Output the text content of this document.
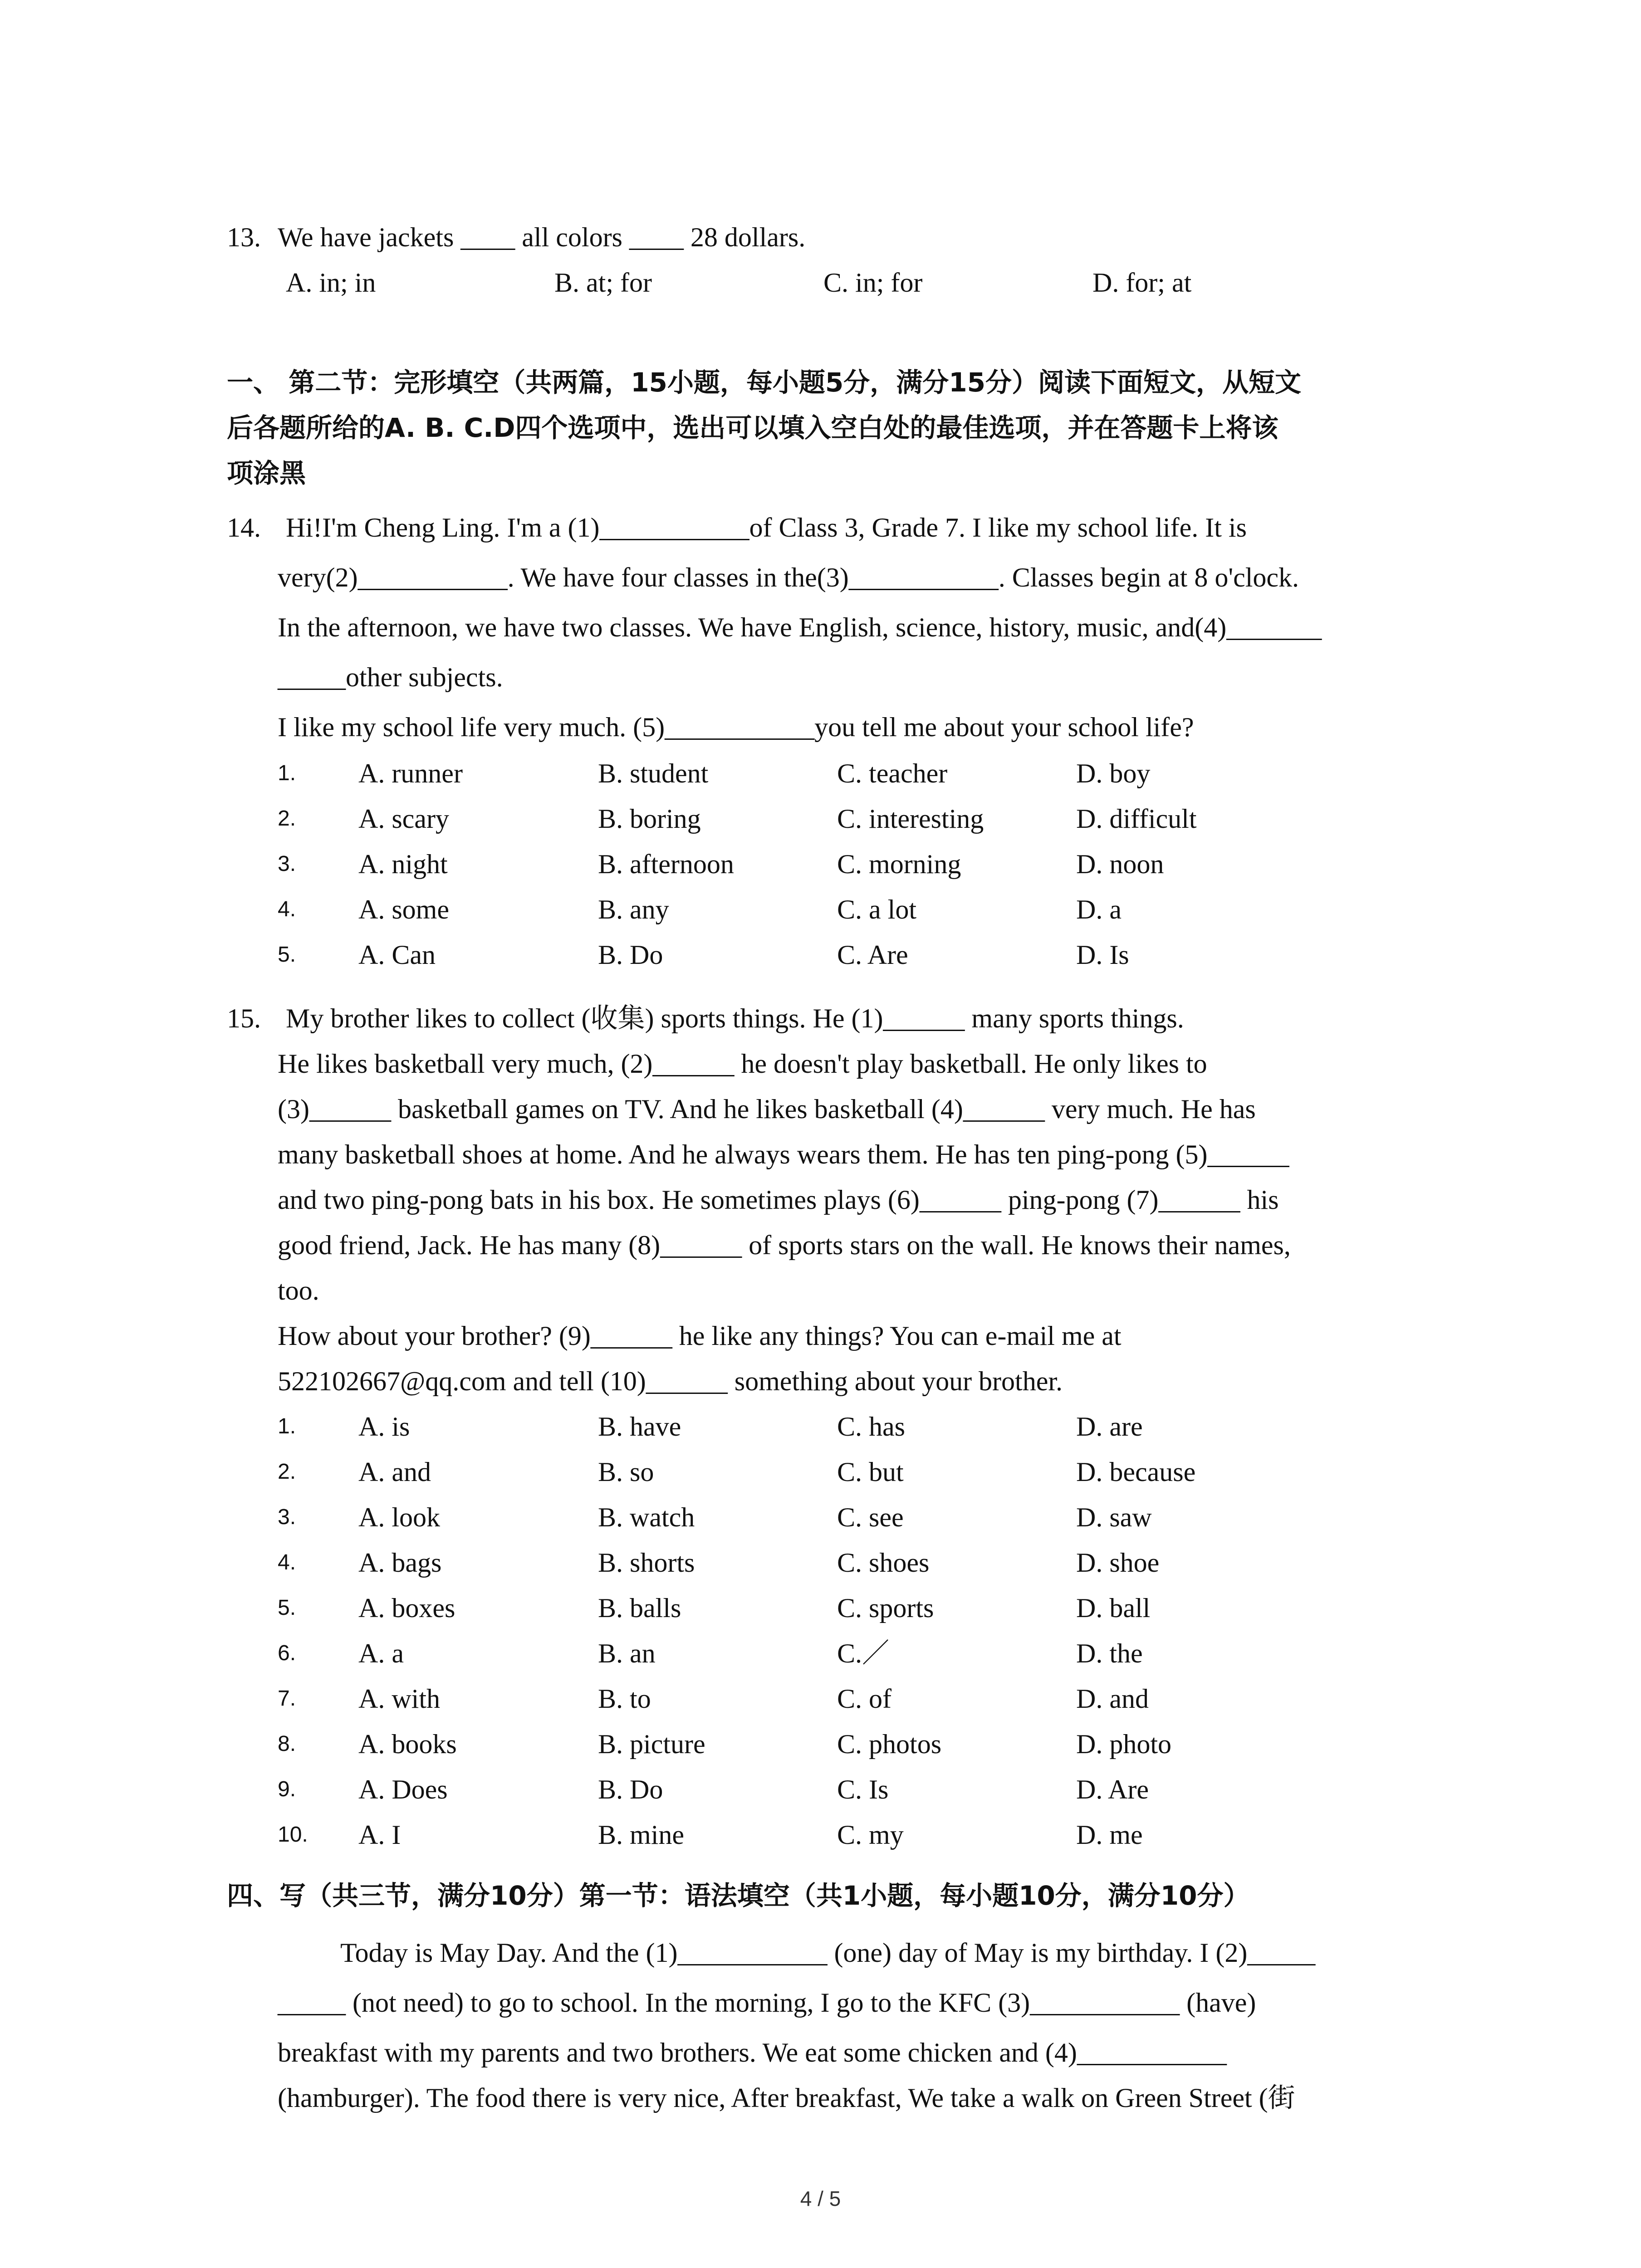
13. We have jackets ____ all colors ____ 28 dollars.
A. in; in	B. at; for	C. in; for	D. for; at
一、 第二节：完形填空（共两篇，15小题，每小题5分，满分15分）阅读下面短文，从短文
后各题所给的A. B. C.D四个选项中，选出可以填入空白处的最佳选项，并在答题卡上将该
项涂黑
14. Hi!I'm Cheng Ling. I'm a (1)___________of Class 3, Grade 7. I like my school life. It is
very(2)___________. We have four classes in the(3)___________. Classes begin at 8 o'clock.
In the afternoon, we have two classes. We have English, science, history, music, and(4)_______
_____other subjects.
I like my school life very much. (5)___________you tell me about your school life?
1. A. runner	B. student	C. teacher	D. boy
2. A. scary	B. boring	C. interesting	D. difficult
3. A. night	B. afternoon	C. morning	D. noon
4. A. some	B. any	C. a lot	D. a
5. A. Can	B. Do	C. Are	D. Is
15. My brother likes to collect (收集) sports things. He (1)______ many sports things.
He likes basketball very much, (2)______ he doesn't play basketball. He only likes to
(3)______ basketball games on TV. And he likes basketball (4)______ very much. He has
many basketball shoes at home. And he always wears them. He has ten ping-pong (5)______
and two ping-pong bats in his box. He sometimes plays (6)______ ping-pong (7)______ his
good friend, Jack. He has many (8)______ of sports stars on the wall. He knows their names,
too.
How about your brother? (9)______ he like any things? You can e-mail me at
522102667@qq.com and tell (10)______ something about your brother.
1. A. is	B. have	C. has	D. are
2. A. and	B. so	C. but	D. because
3. A. look	B. watch	C. see	D. saw
4. A. bags	B. shorts	C. shoes	D. shoe
5. A. boxes	B. balls	C. sports	D. ball
6. A. a	B. an	C.／	D. the
7. A. with	B. to	C. of	D. and
8. A. books	B. picture	C. photos	D. photo
9. A. Does	B. Do	C. Is	D. Are
10. A. I	B. mine	C. my	D. me
四、写（共三节，满分10分）第一节：语法填空（共1小题，每小题10分，满分10分）
Today is May Day. And the (1)___________ (one) day of May is my birthday. I (2)_____
_____ (not need) to go to school. In the morning, I go to the KFC (3)___________ (have)
breakfast with my parents and two brothers. We eat some chicken and (4)___________
(hamburger). The food there is very nice, After breakfast, We take a walk on Green Street (街
4 / 5
